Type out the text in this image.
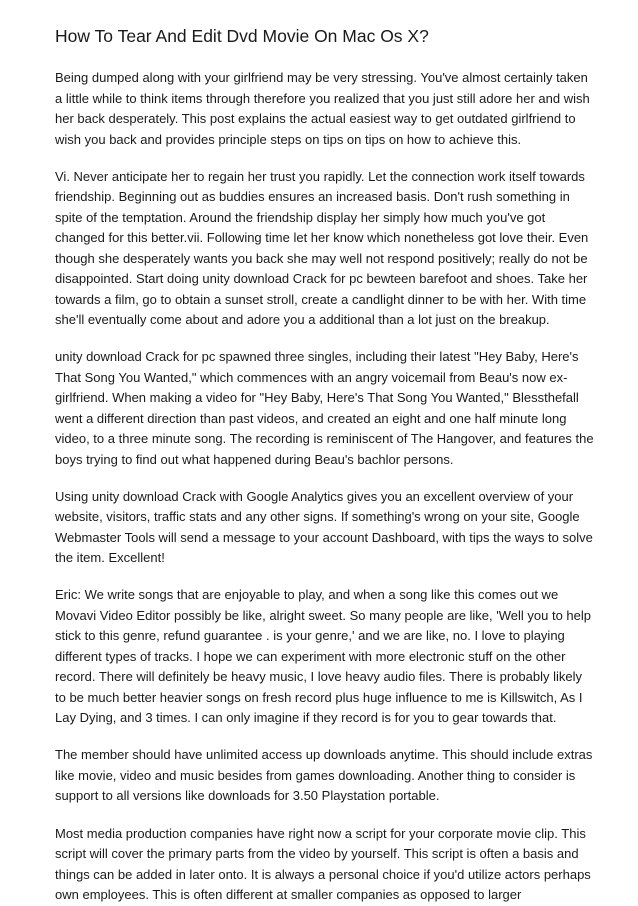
How To Tear And Edit Dvd Movie On Mac Os X?

Being dumped along with your girlfriend may be very stressing. You've almost certainly taken a little while to think items through therefore you realized that you just still adore her and wish her back desperately. This post explains the actual easiest way to get outdated girlfriend to wish you back and provides principle steps on tips on tips on how to achieve this.

Vi. Never anticipate her to regain her trust you rapidly. Let the connection work itself towards friendship. Beginning out as buddies ensures an increased basis. Don't rush something in spite of the temptation. Around the friendship display her simply how much you've got changed for this better.vii. Following time let her know which nonetheless got love their. Even though she desperately wants you back she may well not respond positively; really do not be disappointed. Start doing unity download Crack for pc bewteen barefoot and shoes. Take her towards a film, go to obtain a sunset stroll, create a candlight dinner to be with her. With time she'll eventually come about and adore you a additional than a lot just on the breakup.

unity download Crack for pc spawned three singles, including their latest "Hey Baby, Here's That Song You Wanted," which commences with an angry voicemail from Beau's now ex-girlfriend. When making a video for "Hey Baby, Here's That Song You Wanted," Blessthefall went a different direction than past videos, and created an eight and one half minute long video, to a three minute song. The recording is reminiscent of The Hangover, and features the boys trying to find out what happened during Beau's bachlor persons.

Using unity download Crack with Google Analytics gives you an excellent overview of your website, visitors, traffic stats and any other signs. If something's wrong on your site, Google Webmaster Tools will send a message to your account Dashboard, with tips the ways to solve the item. Excellent!

Eric: We write songs that are enjoyable to play, and when a song like this comes out we Movavi Video Editor possibly be like, alright sweet. So many people are like, 'Well you to help stick to this genre, refund guarantee . is your genre,' and we are like, no. I love to playing different types of tracks. I hope we can experiment with more electronic stuff on the other record. There will definitely be heavy music, I love heavy audio files. There is probably likely to be much better heavier songs on fresh record plus huge influence to me is Killswitch, As I Lay Dying, and 3 times. I can only imagine if they record is for you to gear towards that.

The member should have unlimited access up downloads anytime. This should include extras like movie, video and music besides from games downloading. Another thing to consider is support to all versions like downloads for 3.50 Playstation portable.

Most media production companies have right now a script for your corporate movie clip. This script will cover the primary parts from the video by yourself. This script is often a basis and things can be added in later onto. It is always a personal choice if you'd utilize actors perhaps own employees. This is often different at smaller companies as opposed to larger
